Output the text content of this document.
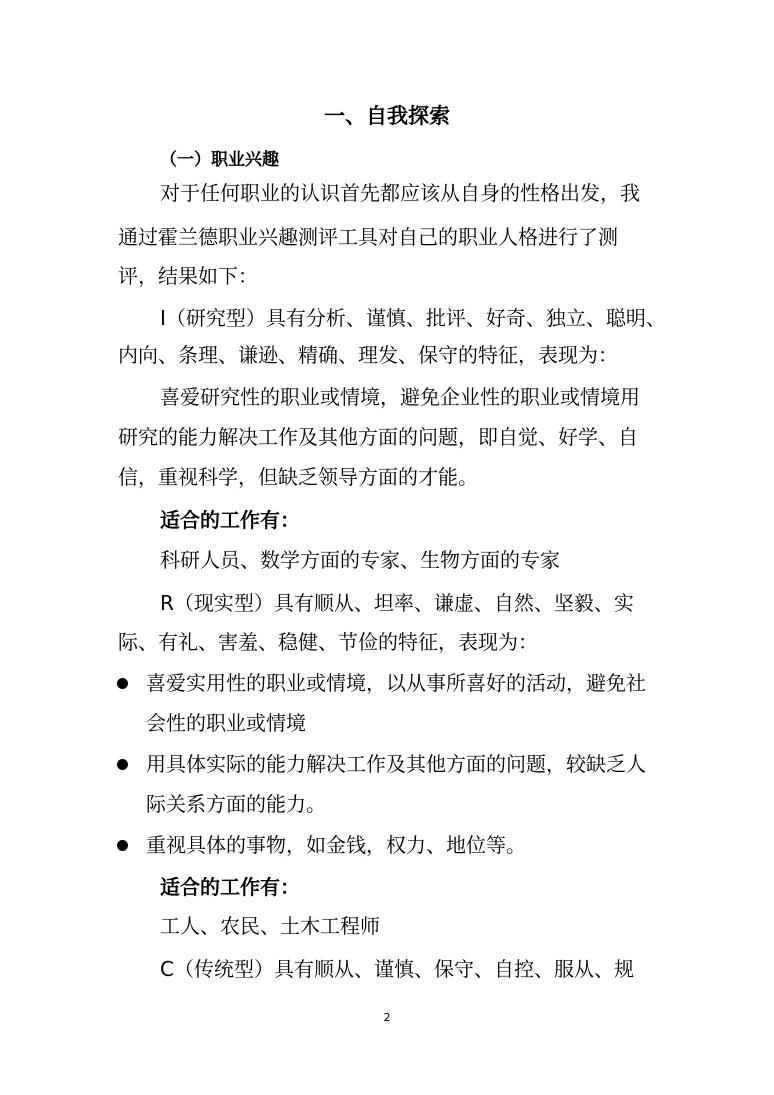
一、自我探索
（一）职业兴趣
对于任何职业的认识首先都应该从自身的性格出发，我
通过霍兰德职业兴趣测评工具对自己的职业人格进行了测
评，结果如下：
I（研究型）具有分析、谨慎、批评、好奇、独立、聪明、
内向、条理、谦逊、精确、理发、保守的特征，表现为：
喜爱研究性的职业或情境，避免企业性的职业或情境用
研究的能力解决工作及其他方面的问题，即自觉、好学、自
信，重视科学，但缺乏领导方面的才能。
适合的工作有：
科研人员、数学方面的专家、生物方面的专家
R（现实型）具有顺从、坦率、谦虚、自然、坚毅、实
际、有礼、害羞、稳健、节俭的特征，表现为：
喜爱实用性的职业或情境，以从事所喜好的活动，避免社
会性的职业或情境
用具体实际的能力解决工作及其他方面的问题，较缺乏人
际关系方面的能力。
重视具体的事物，如金钱，权力、地位等。
适合的工作有：
工人、农民、土木工程师
C（传统型）具有顺从、谨慎、保守、自控、服从、规
2
